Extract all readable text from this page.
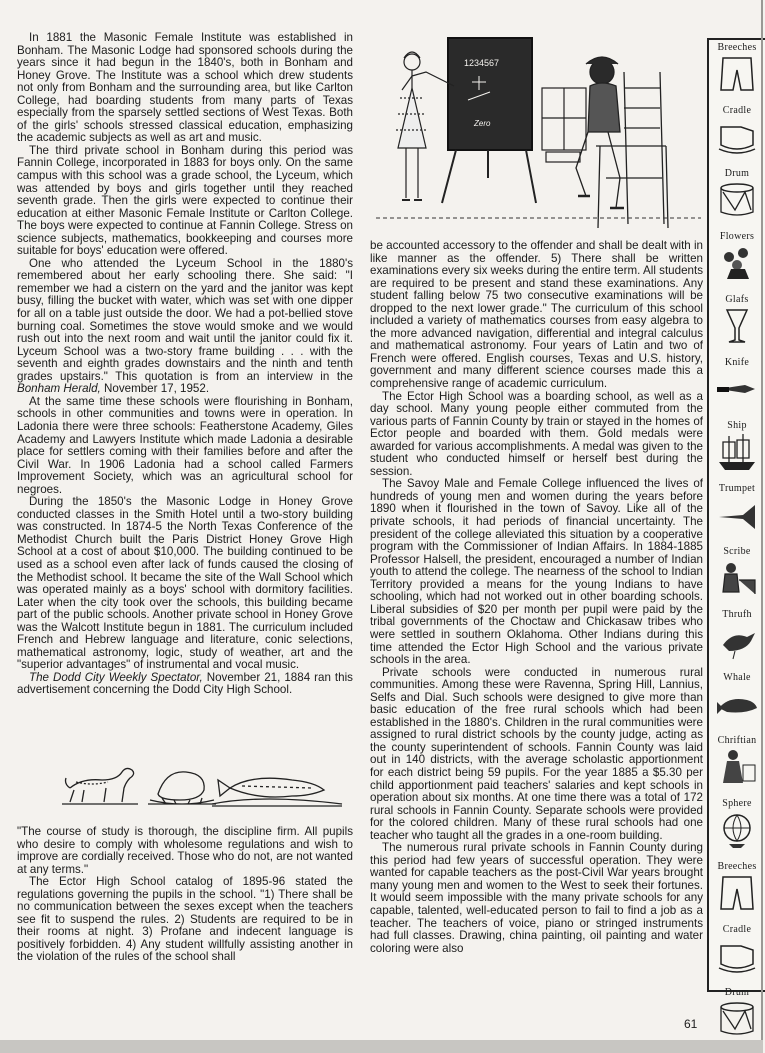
In 1881 the Masonic Female Institute was established in Bonham. The Masonic Lodge had sponsored schools during the years since it had begun in the 1840's, both in Bonham and Honey Grove. The Institute was a school which drew students not only from Bonham and the surrounding area, but like Carlton College, had boarding students from many parts of Texas especially from the sparsely settled sections of West Texas. Both of the girls' schools stressed classical education, emphasizing the academic subjects as well as art and music.

The third private school in Bonham during this period was Fannin College, incorporated in 1883 for boys only. On the same campus with this school was a grade school, the Lyceum, which was attended by boys and girls together until they reached seventh grade. Then the girls were expected to continue their education at either Masonic Female Institute or Carlton College. The boys were expected to continue at Fannin College. Stress on science subjects, mathematics, bookkeeping and courses more suitable for boys' education were offered.

One who attended the Lyceum School in the 1880's remembered about her early schooling there. She said: "I remember we had a cistern on the yard and the janitor was kept busy, filling the bucket with water, which was set with one dipper for all on a table just outside the door. We had a pot-bellied stove burning coal. Sometimes the stove would smoke and we would rush out into the next room and wait until the janitor could fix it. Lyceum School was a two-story frame building . . . with the seventh and eighth grades downstairs and the ninth and tenth grades upstairs." This quotation is from an interview in the Bonham Herald, November 17, 1952.

At the same time these schools were flourishing in Bonham, schools in other communities and towns were in operation. In Ladonia there were three schools: Featherstone Academy, Giles Academy and Lawyers Institute which made Ladonia a desirable place for settlers coming with their families before and after the Civil War. In 1906 Ladonia had a school called Farmers Improvement Society, which was an agricultural school for negroes.

During the 1850's the Masonic Lodge in Honey Grove conducted classes in the Smith Hotel until a two-story building was constructed. In 1874-5 the North Texas Conference of the Methodist Church built the Paris District Honey Grove High School at a cost of about $10,000. The building continued to be used as a school even after lack of funds caused the closing of the Methodist school. It became the site of the Wall School which was operated mainly as a boys' school with dormitory facilities. Later when the city took over the schools, this building became part of the public schools. Another private school in Honey Grove was the Walcott Institute begun in 1881. The curriculum included French and Hebrew language and literature, conic selections, mathematical astronomy, logic, study of weather, art and the "superior advantages" of instrumental and vocal music.

The Dodd City Weekly Spectator, November 21, 1884 ran this advertisement concerning the Dodd City High School.

"The course of study is thorough, the discipline firm. All pupils who desire to comply with wholesome regulations and wish to improve are cordially received. Those who do not, are not wanted at any terms."

The Ector High School catalog of 1895-96 stated the regulations governing the pupils in the school. "1) There shall be no communication between the sexes except when the teachers see fit to suspend the rules. 2) Students are required to be in their rooms at night. 3) Profane and indecent language is positively forbidden. 4) Any student willfully assisting another in the violation of the rules of the school shall

1234567
Zero

be accounted accessory to the offender and shall be dealt with in like manner as the offender. 5) There shall be written examinations every six weeks during the entire term. All students are required to be present and stand these examinations. Any student falling below 75 two consecutive examinations will be dropped to the next lower grade." The curriculum of this school included a variety of mathematics courses from easy algebra to the more advanced navigation, differential and integral calculus and mathematical astronomy. Four years of Latin and two of French were offered. English courses, Texas and U.S. history, government and many different science courses made this a comprehensive range of academic curriculum.

The Ector High School was a boarding school, as well as a day school. Many young people either commuted from the various parts of Fannin County by train or stayed in the homes of Ector people and boarded with them. Gold medals were awarded for various accomplishments. A medal was given to the student who conducted himself or herself best during the session.

The Savoy Male and Female College influenced the lives of hundreds of young men and women during the years before 1890 when it flourished in the town of Savoy. Like all of the private schools, it had periods of financial uncertainty. The president of the college alleviated this situation by a cooperative program with the Commissioner of Indian Affairs. In 1884-1885 Professor Halsell, the president, encouraged a number of Indian youth to attend the college. The nearness of the school to Indian Territory provided a means for the young Indians to have schooling, which had not worked out in other boarding schools. Liberal subsidies of $20 per month per pupil were paid by the tribal governments of the Choctaw and Chickasaw tribes who were settled in southern Oklahoma. Other Indians during this time attended the Ector High School and the various private schools in the area.

Private schools were conducted in numerous rural communities. Among these were Ravenna, Spring Hill, Lannius, Selfs and Dial. Such schools were designed to give more than basic education of the free rural schools which had been established in the 1880's. Children in the rural communities were assigned to rural district schools by the county judge, acting as the county superintendent of schools. Fannin County was laid out in 140 districts, with the average scholastic apportionment for each district being 59 pupils. For the year 1885 a $5.30 per child apportionment paid teachers' salaries and kept schools in operation about six months. At one time there was a total of 172 rural schools in Fannin County. Separate schools were provided for the colored children. Many of these rural schools had one teacher who taught all the grades in a one-room building.

The numerous rural private schools in Fannin County during this period had few years of successful operation. They were wanted for capable teachers as the post-Civil War years brought many young men and women to the West to seek their fortunes. It would seem impossible with the many private schools for any capable, talented, well-educated person to fail to find a job as a teacher. The teachers of voice, piano or stringed instruments had full classes. Drawing, china painting, oil painting and water coloring were also

Breeches
Cradle
Drum
Flowers
Glafs
Knife
Ship
Trumpet
Scribe
Thrufh
Whale
Chriftian
Sphere
Breeches
Cradle
Drum
61
